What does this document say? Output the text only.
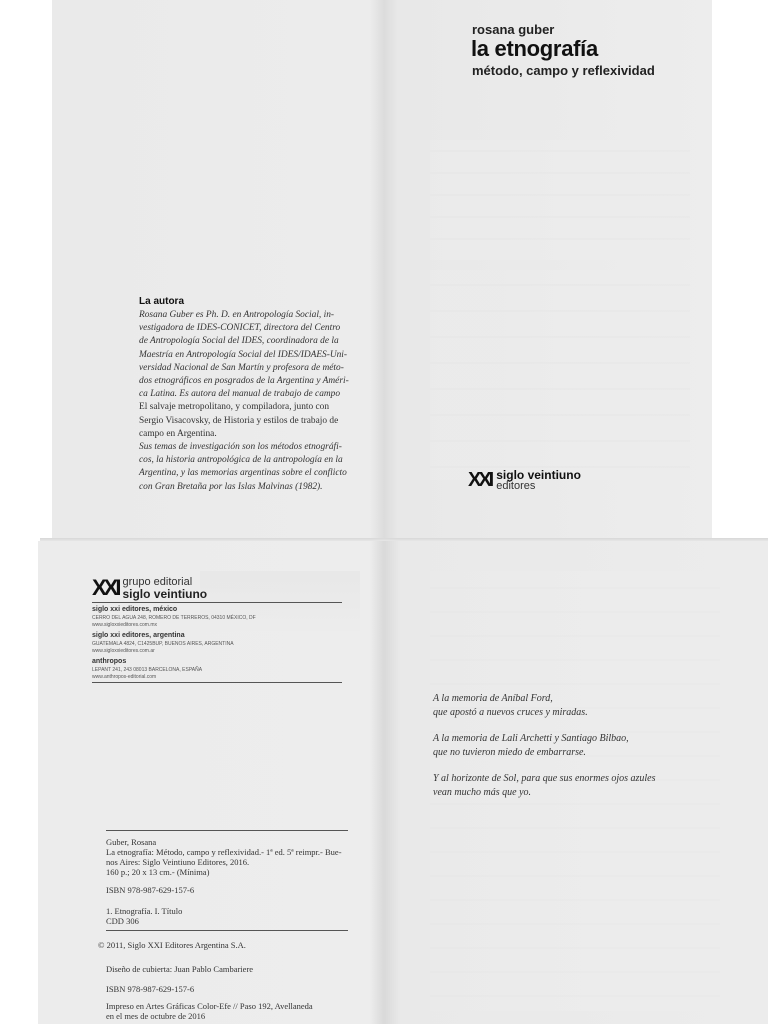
rosana guber
la etnografía
método, campo y reflexividad
XXI siglo veintiuno
editores
La autora
Rosana Guber es Ph. D. en Antropología Social, in-
vestigadora de IDES-CONICET, directora del Centro
de Antropología Social del IDES, coordinadora de la
Maestría en Antropología Social del IDES/IDAES-Uni-
versidad Nacional de San Martín y profesora de méto-
dos etnográficos en posgrados de la Argentina y Améri-
ca Latina. Es autora del manual de trabajo de campo
El salvaje metropolitano, y compiladora, junto con
Sergio Visacovsky, de Historia y estilos de trabajo de
campo en Argentina.
Sus temas de investigación son los métodos etnográfi-
cos, la historia antropológica de la antropología en la
Argentina, y las memorias argentinas sobre el conflicto
con Gran Bretaña por las Islas Malvinas (1982).
XXI grupo editorial
siglo veintiuno
siglo xxi editores, méxico
CERRO DEL AGUA 248, ROMERO DE TERREROS, 04310 MÉXICO, DF
www.sigloxxieditores.com.mx
siglo xxi editores, argentina
GUATEMALA 4824, C1425BUP, BUENOS AIRES, ARGENTINA
www.sigloxxieditores.com.ar
anthropos
LEPANT 241, 243 08013 BARCELONA, ESPAÑA
www.anthropos-editorial.com
Guber, Rosana
La etnografía: Método, campo y reflexividad.- 1ª ed. 5ª reimpr.- Bue-
nos Aires: Siglo Veintiuno Editores, 2016.
160 p.; 20 x 13 cm.- (Mínima)
ISBN 978-987-629-157-6
1. Etnografía. I. Título
CDD 306
© 2011, Siglo XXI Editores Argentina S.A.
Diseño de cubierta: Juan Pablo Cambariere
ISBN 978-987-629-157-6
Impreso en Artes Gráficas Color-Efe // Paso 192, Avellaneda
en el mes de octubre de 2016
A la memoria de Aníbal Ford,
que apostó a nuevos cruces y miradas.
A la memoria de Lali Archetti y Santiago Bilbao,
que no tuvieron miedo de embarrarse.
Y al horizonte de Sol, para que sus enormes ojos azules
vean mucho más que yo.
